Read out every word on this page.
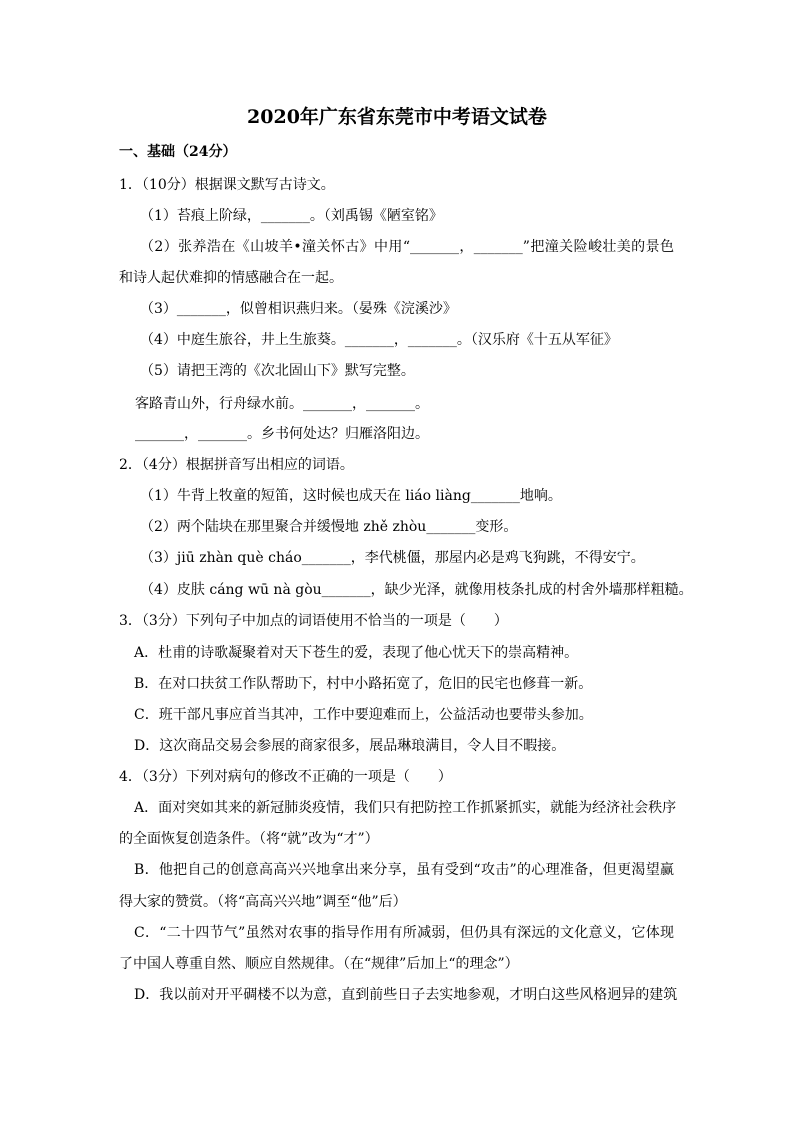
2020年广东省东莞市中考语文试卷
一、基础（24分）
1．（10分）根据课文默写古诗文。
（1）苔痕上阶绿，_______。（刘禹锡《陋室铭》
（2）张养浩在《山坡羊•潼关怀古》中用“_______，_______”把潼关险峻壮美的景色
和诗人起伏难抑的情感融合在一起。
（3）_______，似曾相识燕归来。（晏殊《浣溪沙》
（4）中庭生旅谷，井上生旅葵。_______，_______。（汉乐府《十五从军征》
（5）请把王湾的《次北固山下》默写完整。
客路青山外，行舟绿水前。_______，_______。
_______，_______。乡书何处达？归雁洛阳边。
2．（4分）根据拼音写出相应的词语。
（1）牛背上牧童的短笛，这时候也成天在 liáo liàng_______地响。
（2）两个陆块在那里聚合并缓慢地 zhě zhòu_______变形。
（3）jiū zhàn què cháo_______，李代桃僵，那屋内必是鸡飞狗跳，不得安宁。
（4）皮肤 cáng wū nà gòu_______，缺少光泽，就像用枝条扎成的村舍外墙那样粗糙。
3．（3分）下列句子中加点的词语使用不恰当的一项是（　　）
A．杜甫的诗歌凝聚着对天下苍生的爱，表现了他心忧天下的崇高精神。
B．在对口扶贫工作队帮助下，村中小路拓宽了，危旧的民宅也修葺一新。
C．班干部凡事应首当其冲，工作中要迎难而上，公益活动也要带头参加。
D．这次商品交易会参展的商家很多，展品琳琅满目，令人目不暇接。
4．（3分）下列对病句的修改不正确的一项是（　　）
A．面对突如其来的新冠肺炎疫情，我们只有把防控工作抓紧抓实，就能为经济社会秩序
的全面恢复创造条件。（将“就”改为“才”）
B．他把自己的创意高高兴兴地拿出来分享，虽有受到“攻击”的心理准备，但更渴望赢
得大家的赞赏。（将“高高兴兴地”调至“他”后）
C．“二十四节气”虽然对农事的指导作用有所减弱，但仍具有深远的文化意义，它体现
了中国人尊重自然、顺应自然规律。（在“规律”后加上“的理念”）
D．我以前对开平碉楼不以为意，直到前些日子去实地参观，才明白这些风格迥异的建筑
